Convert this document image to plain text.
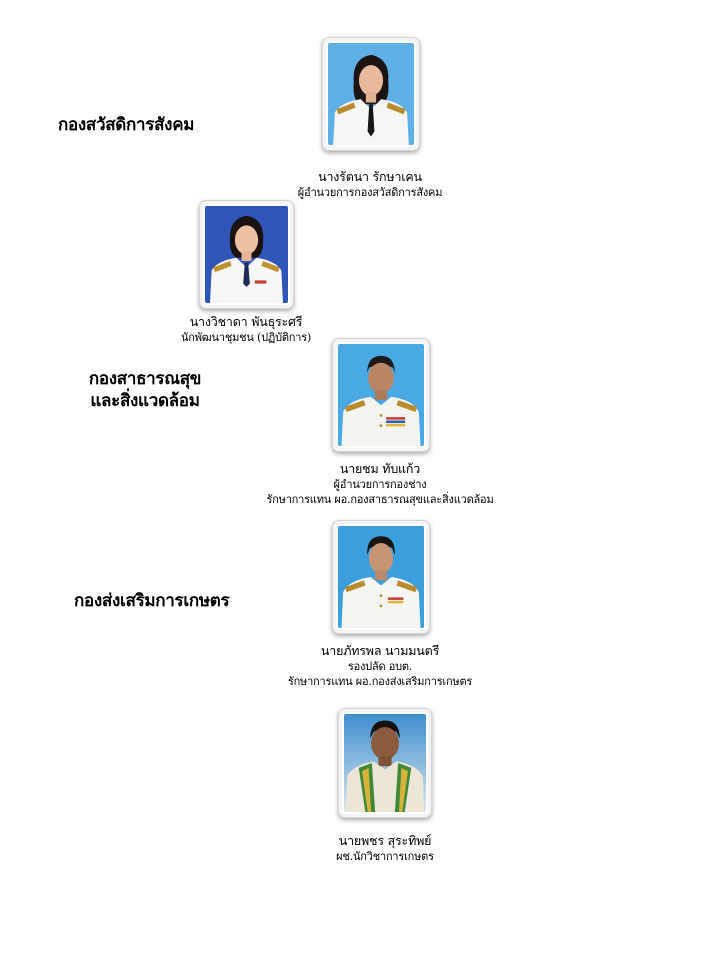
กองสวัสดิการสังคม
กองสาธารณสุข
และสิ่งแวดล้อม
กองส่งเสริมการเกษตร
นางรัตนา รักษาเคน
ผู้อำนวยการกองสวัสดิการสังคม
นางวิชาดา พันธุระศรี
นักพัฒนาชุมชน (ปฏิบัติการ)
นายชม ทับแก้ว
ผู้อำนวยการกองช่าง
รักษาการแทน ผอ.กองสาธารณสุขและสิ่งแวดล้อม
นายภัทรพล นามมนตรี
รองปลัด อบต.
รักษาการแทน ผอ.กองส่งเสริมการเกษตร
นายพชร สุระทิพย์
ผช.นักวิชาการเกษตร
